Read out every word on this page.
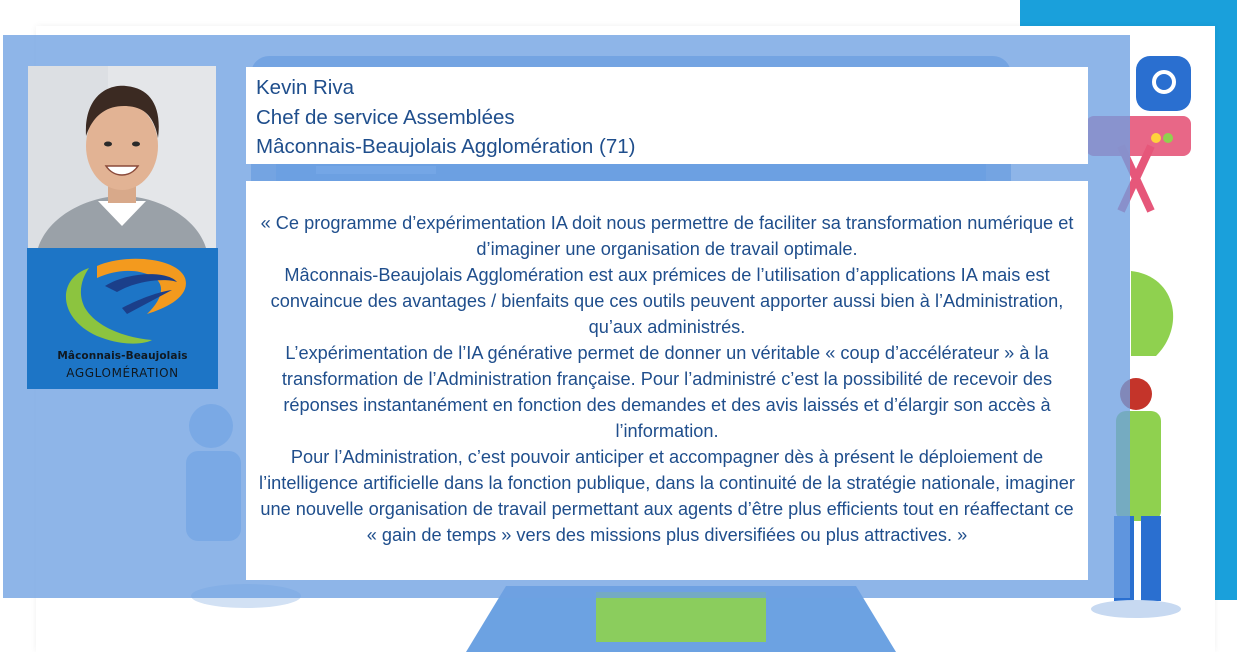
Mâconnais-Beaujolais
AGGLOMÉRATION
Kevin Riva
Chef de service Assemblées
Mâconnais-Beaujolais Agglomération (71)

« Ce programme d’expérimentation IA doit nous permettre de faciliter sa transformation numérique et d’imaginer une organisation de travail optimale.

Mâconnais-Beaujolais Agglomération est aux prémices de l’utilisation d’applications IA mais est convaincue des avantages / bienfaits que ces outils peuvent apporter aussi bien à l’Administration, qu’aux administrés.

L’expérimentation de l’IA générative permet de donner un véritable « coup d’accélérateur » à la transformation de l’Administration française. Pour l’administré c’est la possibilité de recevoir des réponses instantanément en fonction des demandes et des avis laissés et d’élargir son accès à l’information.

Pour l’Administration, c’est pouvoir anticiper et accompagner dès à présent le déploiement de l’intelligence artificielle dans la fonction publique, dans la continuité de la stratégie nationale, imaginer une nouvelle organisation de travail permettant aux agents d’être plus efficients tout en réaffectant ce « gain de temps » vers des missions plus diversifiées ou plus attractives. »
